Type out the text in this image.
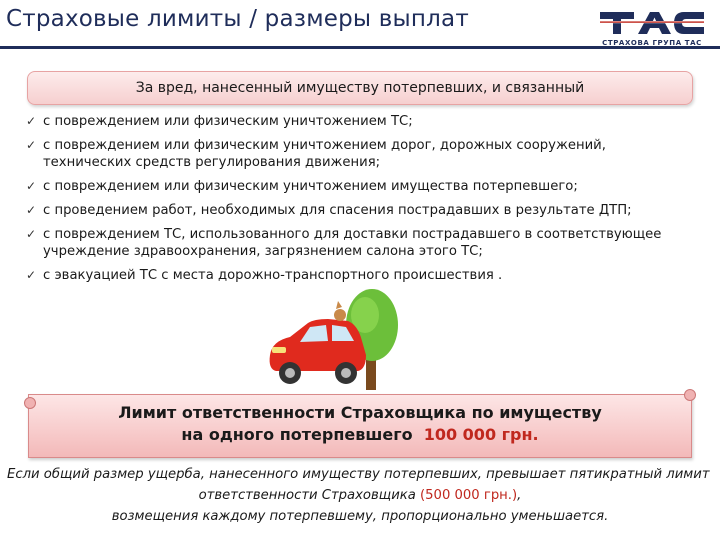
Страховые лимиты / размеры выплат
СТРАХОВА ГРУПА ТАС
За вред, нанесенный имуществу потерпевших, и связанный
✓ с повреждением или физическим уничтожением ТС;
✓ с повреждением или физическим уничтожением дорог, дорожных сооружений, технических средств регулирования движения;
✓ с повреждением или физическим уничтожением имущества потерпевшего;
✓ с проведением работ, необходимых для спасения пострадавших в результате ДТП;
✓ с повреждением ТС, использованного для доставки пострадавшего в соответствующее учреждение здравоохранения, загрязнением салона этого ТС;
✓ с эвакуацией ТС с места дорожно-транспортного происшествия .
Лимит ответственности Страховщика по имуществу
на одного потерпевшего 100 000 грн.
Если общий размер ущерба, нанесенного имуществу потерпевших, превышает пятикратный лимит
ответственности Страховщика (500 000 грн.),
возмещения каждому потерпевшему, пропорционально уменьшается.
